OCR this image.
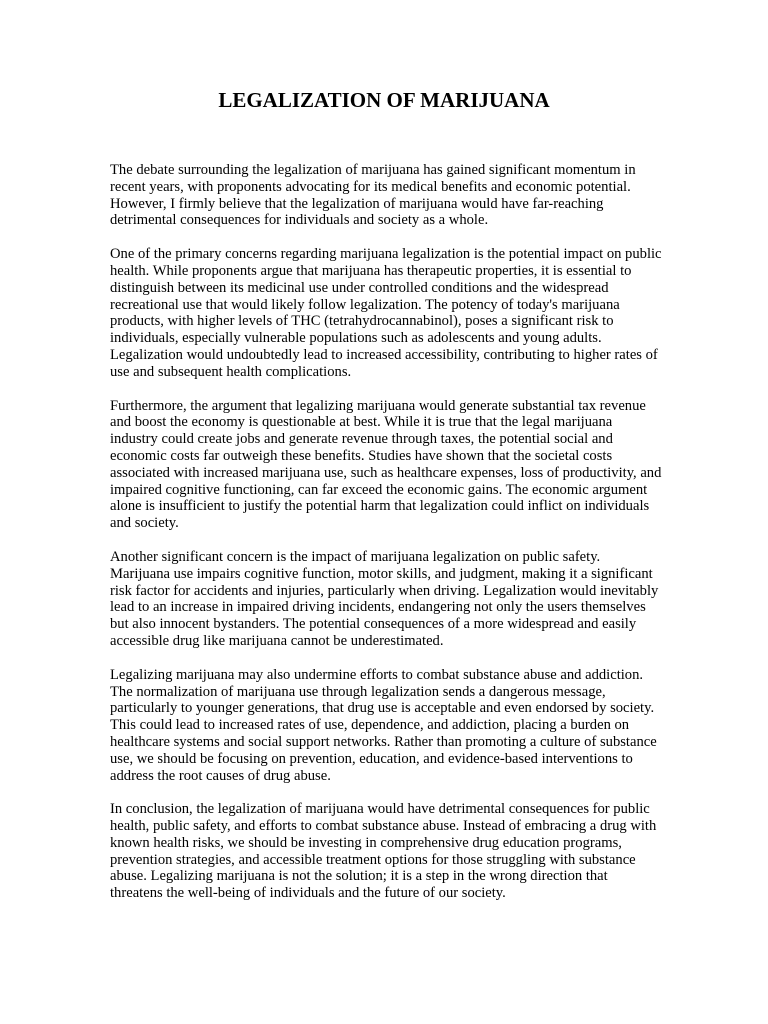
LEGALIZATION OF MARIJUANA

The debate surrounding the legalization of marijuana has gained significant momentum in recent years, with proponents advocating for its medical benefits and economic potential. However, I firmly believe that the legalization of marijuana would have far-reaching detrimental consequences for individuals and society as a whole.

One of the primary concerns regarding marijuana legalization is the potential impact on public health. While proponents argue that marijuana has therapeutic properties, it is essential to distinguish between its medicinal use under controlled conditions and the widespread recreational use that would likely follow legalization. The potency of today's marijuana products, with higher levels of THC (tetrahydrocannabinol), poses a significant risk to individuals, especially vulnerable populations such as adolescents and young adults. Legalization would undoubtedly lead to increased accessibility, contributing to higher rates of use and subsequent health complications.

Furthermore, the argument that legalizing marijuana would generate substantial tax revenue and boost the economy is questionable at best. While it is true that the legal marijuana industry could create jobs and generate revenue through taxes, the potential social and economic costs far outweigh these benefits. Studies have shown that the societal costs associated with increased marijuana use, such as healthcare expenses, loss of productivity, and impaired cognitive functioning, can far exceed the economic gains. The economic argument alone is insufficient to justify the potential harm that legalization could inflict on individuals and society.

Another significant concern is the impact of marijuana legalization on public safety. Marijuana use impairs cognitive function, motor skills, and judgment, making it a significant risk factor for accidents and injuries, particularly when driving. Legalization would inevitably lead to an increase in impaired driving incidents, endangering not only the users themselves but also innocent bystanders. The potential consequences of a more widespread and easily accessible drug like marijuana cannot be underestimated.

Legalizing marijuana may also undermine efforts to combat substance abuse and addiction. The normalization of marijuana use through legalization sends a dangerous message, particularly to younger generations, that drug use is acceptable and even endorsed by society. This could lead to increased rates of use, dependence, and addiction, placing a burden on healthcare systems and social support networks. Rather than promoting a culture of substance use, we should be focusing on prevention, education, and evidence-based interventions to address the root causes of drug abuse.

In conclusion, the legalization of marijuana would have detrimental consequences for public health, public safety, and efforts to combat substance abuse. Instead of embracing a drug with known health risks, we should be investing in comprehensive drug education programs, prevention strategies, and accessible treatment options for those struggling with substance abuse. Legalizing marijuana is not the solution; it is a step in the wrong direction that threatens the well-being of individuals and the future of our society.
